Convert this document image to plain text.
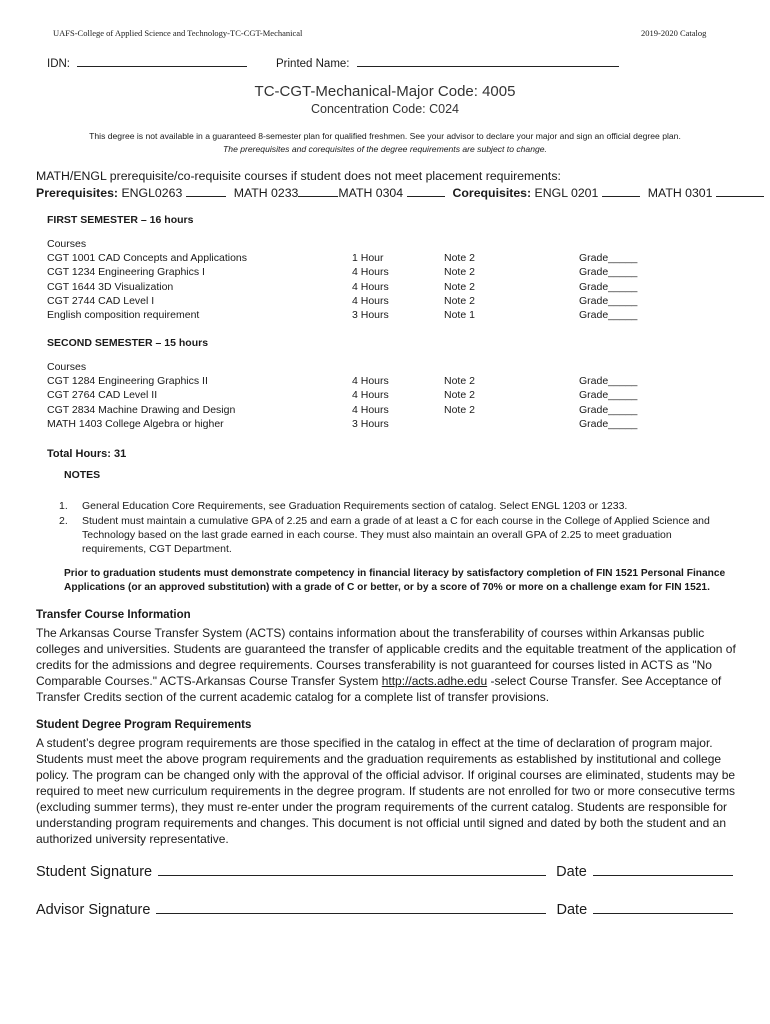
UAFS-College of Applied Science and Technology-TC-CGT-Mechanical	2019-2020 Catalog
IDN:	Printed Name:
TC-CGT-Mechanical-Major Code: 4005
Concentration Code: C024
This degree is not available in a guaranteed 8-semester plan for qualified freshmen. See your advisor to declare your major and sign an official degree plan.
The prerequisites and corequisites of the degree requirements are subject to change.
MATH/ENGL prerequisite/co-requisite courses if student does not meet placement requirements:
Prerequisites: ENGL0263	MATH 0233	MATH 0304	Corequisites: ENGL 0201	MATH 0301
FIRST SEMESTER – 16 hours
Courses
CGT 1001 CAD Concepts and Applications	1 Hour	Note 2	Grade_____
CGT 1234 Engineering Graphics I	4 Hours	Note 2	Grade_____
CGT 1644 3D Visualization	4 Hours	Note 2	Grade_____
CGT 2744 CAD Level I	4 Hours	Note 2	Grade_____
English composition requirement	3 Hours	Note 1	Grade_____
SECOND SEMESTER – 15 hours
Courses
CGT 1284 Engineering Graphics II	4 Hours	Note 2	Grade_____
CGT 2764 CAD Level II	4 Hours	Note 2	Grade_____
CGT 2834 Machine Drawing and Design	4 Hours	Note 2	Grade_____
MATH 1403 College Algebra or higher	3 Hours	Grade_____
Total Hours: 31
NOTES
1. General Education Core Requirements, see Graduation Requirements section of catalog. Select ENGL 1203 or 1233.
2. Student must maintain a cumulative GPA of 2.25 and earn a grade of at least a C for each course in the College of Applied Science and
Technology based on the last grade earned in each course. They must also maintain an overall GPA of 2.25 to meet graduation
requirements, CGT Department.
Prior to graduation students must demonstrate competency in financial literacy by satisfactory completion of FIN 1521 Personal Finance
Applications (or an approved substitution) with a grade of C or better, or by a score of 70% or more on a challenge exam for FIN 1521.
Transfer Course Information
The Arkansas Course Transfer System (ACTS) contains information about the transferability of courses within Arkansas public colleges and universities. Students are guaranteed the transfer of applicable credits and the equitable treatment of the application of credits for the admissions and degree requirements. Courses transferability is not guaranteed for courses listed in ACTS as "No Comparable Courses." ACTS-Arkansas Course Transfer System http://acts.adhe.edu -select Course Transfer. See Acceptance of Transfer Credits section of the current academic catalog for a complete list of transfer provisions.
Student Degree Program Requirements
A student’s degree program requirements are those specified in the catalog in effect at the time of declaration of program major. Students must meet the above program requirements and the graduation requirements as established by institutional and college policy. The program can be changed only with the approval of the official advisor. If original courses are eliminated, students may be required to meet new curriculum requirements in the degree program. If students are not enrolled for two or more consecutive terms (excluding summer terms), they must re-enter under the program requirements of the current catalog. Students are responsible for understanding program requirements and changes. This document is not official until signed and dated by both the student and an authorized university representative.
Student Signature	Date
Advisor Signature	Date
